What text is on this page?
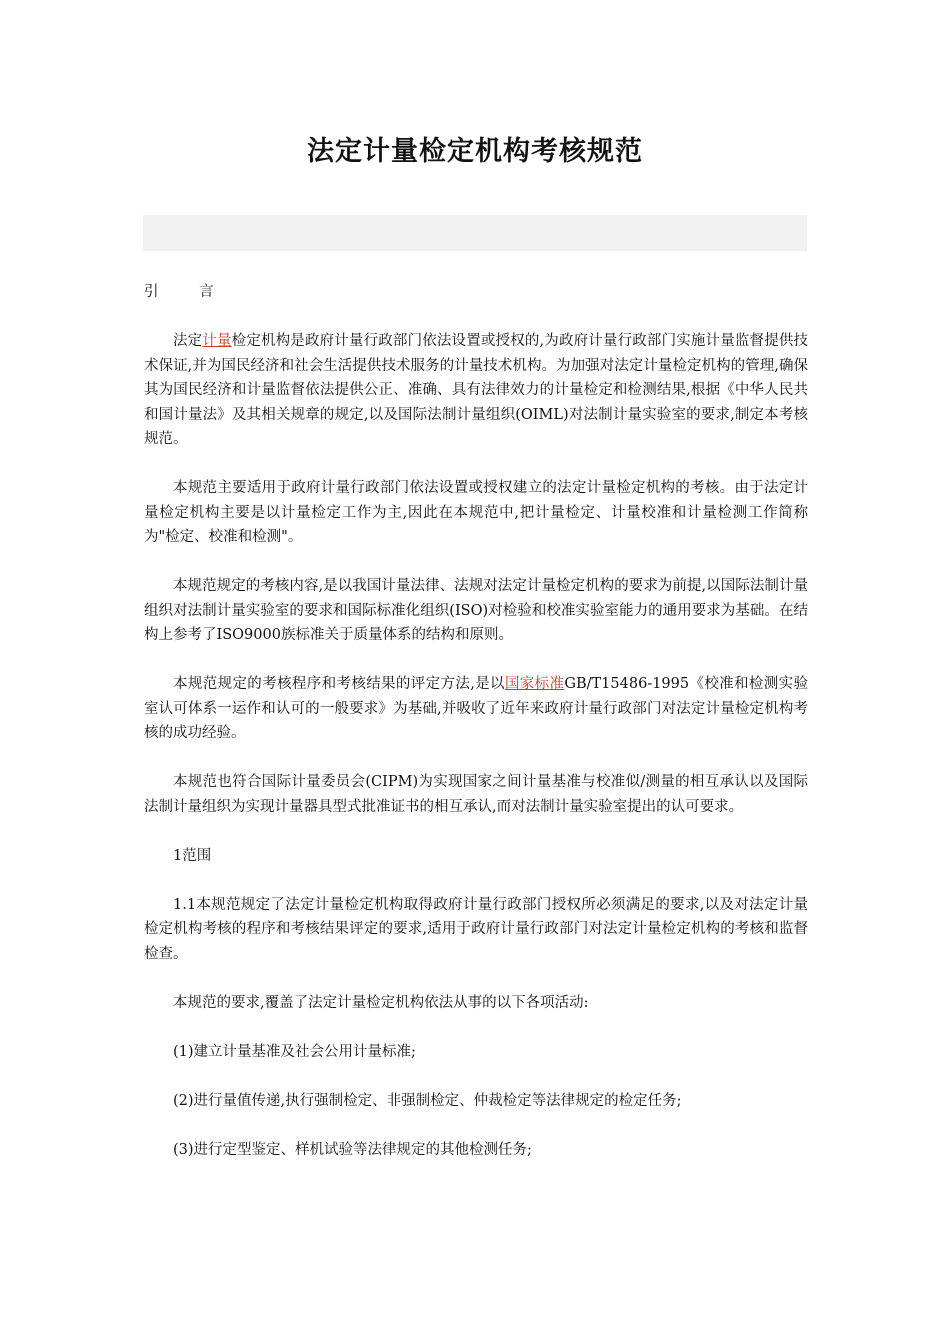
法定计量检定机构考核规范

引 言

法定计量检定机构是政府计量行政部门依法设置或授权的,为政府计量行政部门实施计量监督提供技术保证,并为国民经济和社会生活提供技术服务的计量技术机构。为加强对法定计量检定机构的管理,确保其为国民经济和计量监督依法提供公正、准确、具有法律效力的计量检定和检测结果,根据《中华人民共和国计量法》及其相关规章的规定,以及国际法制计量组织(OIML)对法制计量实验室的要求,制定本考核规范。

本规范主要适用于政府计量行政部门依法设置或授权建立的法定计量检定机构的考核。由于法定计量检定机构主要是以计量检定工作为主,因此在本规范中,把计量检定、计量校准和计量检测工作简称为"检定、校准和检测"。

本规范规定的考核内容,是以我国计量法律、法规对法定计量检定机构的要求为前提,以国际法制计量组织对法制计量实验室的要求和国际标准化组织(ISO)对检验和校准实验室能力的通用要求为基础。在结构上参考了ISO9000族标准关于质量体系的结构和原则。

本规范规定的考核程序和考核结果的评定方法,是以国家标准GB/T15486-1995《校准和检测实验室认可体系一运作和认可的一般要求》为基础,并吸收了近年来政府计量行政部门对法定计量检定机构考核的成功经验。

本规范也符合国际计量委员会(CIPM)为实现国家之间计量基准与校准似/测量的相互承认以及国际法制计量组织为实现计量器具型式批准证书的相互承认,而对法制计量实验室提出的认可要求。

1范围

1.1本规范规定了法定计量检定机构取得政府计量行政部门授权所必须满足的要求,以及对法定计量检定机构考核的程序和考核结果评定的要求,适用于政府计量行政部门对法定计量检定机构的考核和监督检查。

本规范的要求,覆盖了法定计量检定机构依法从事的以下各项活动:

(1)建立计量基准及社会公用计量标准;

(2)进行量值传递,执行强制检定、非强制检定、仲裁检定等法律规定的检定任务;

(3)进行定型鉴定、样机试验等法律规定的其他检测任务;
